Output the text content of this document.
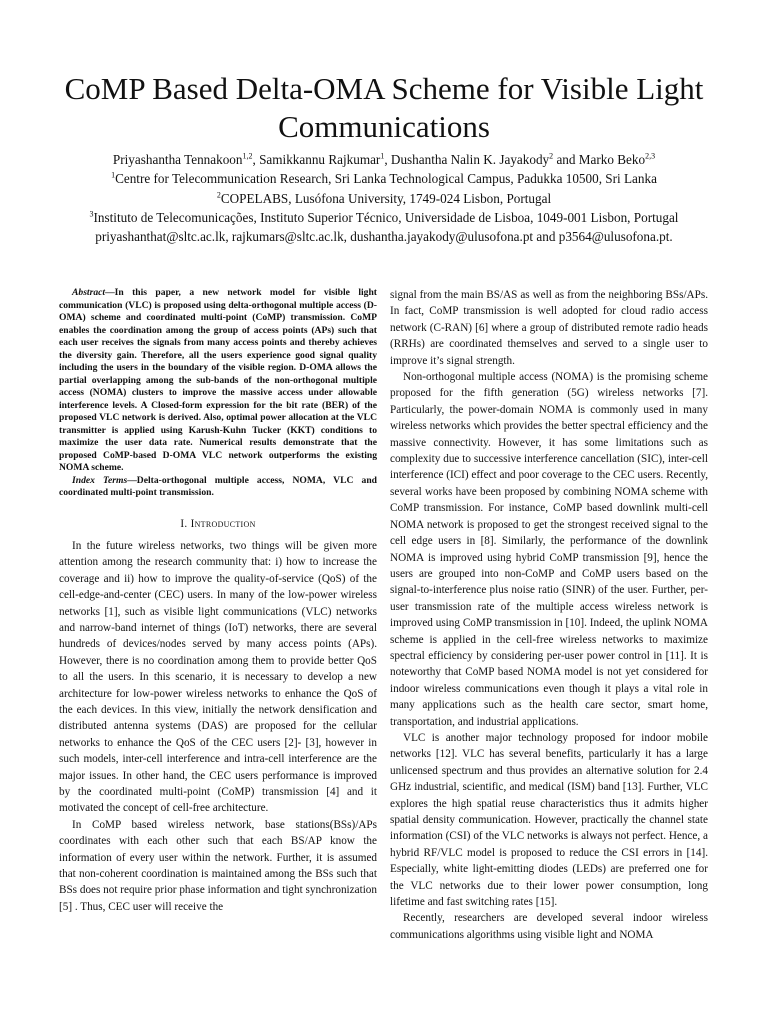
CoMP Based Delta-OMA Scheme for Visible Light
Communications
Priyashantha Tennakoon$^{1,2}$, Samikkannu Rajkumar$^1$, Dushantha Nalin K. Jayakody$^2$ and Marko Beko$^{2,3}$
$^1$Centre for Telecommunication Research, Sri Lanka Technological Campus, Padukka 10500, Sri Lanka
$^2$COPELABS, Lusófona University, 1749-024 Lisbon, Portugal
$^3$Instituto de Telecomunicações, Instituto Superior Técnico, Universidade de Lisboa, 1049-001 Lisbon, Portugal
priyashanthat@sltc.ac.lk, rajkumars@sltc.ac.lk, dushantha.jayakody@ulusofona.pt and p3564@ulusofona.pt.

Abstract—In this paper, a new network model for visible light communication (VLC) is proposed using delta-orthogonal multiple access (D-OMA) scheme and coordinated multi-point (CoMP) transmission. CoMP enables the coordination among the group of access points (APs) such that each user receives the signals from many access points and thereby achieves the diversity gain. Therefore, all the users experience good signal quality including the users in the boundary of the visible region. D-OMA allows the partial overlapping among the sub-bands of the non-orthogonal multiple access (NOMA) clusters to improve the massive access under allowable interference levels. A Closed-form expression for the bit rate (BER) of the proposed VLC network is derived. Also, optimal power allocation at the VLC transmitter is applied using Karush-Kuhn Tucker (KKT) conditions to maximize the user data rate. Numerical results demonstrate that the proposed CoMP-based D-OMA VLC network outperforms the existing NOMA scheme.

Index Terms—Delta-orthogonal multiple access, NOMA, VLC and coordinated multi-point transmission.

I. Introduction

In the future wireless networks, two things will be given more attention among the research community that: i) how to increase the coverage and ii) how to improve the quality-of-service (QoS) of the cell-edge-and-center (CEC) users. In many of the low-power wireless networks [1], such as visible light communications (VLC) networks and narrow-band internet of things (IoT) networks, there are several hundreds of devices/nodes served by many access points (APs). However, there is no coordination among them to provide better QoS to all the users. In this scenario, it is necessary to develop a new architecture for low-power wireless networks to enhance the QoS of the each devices. In this view, initially the network densification and distributed antenna systems (DAS) are proposed for the cellular networks to enhance the QoS of the CEC users [2]- [3], however in such models, inter-cell interference and intra-cell interference are the major issues. In other hand, the CEC users performance is improved by the coordinated multi-point (CoMP) transmission [4] and it motivated the concept of cell-free architecture.

In CoMP based wireless network, base stations(BSs)/APs coordinates with each other such that each BS/AP know the information of every user within the network. Further, it is assumed that non-coherent coordination is maintained among the BSs such that BSs does not require prior phase information and tight synchronization [5] . Thus, CEC user will receive the

signal from the main BS/AS as well as from the neighboring BSs/APs. In fact, CoMP transmission is well adopted for cloud radio access network (C-RAN) [6] where a group of distributed remote radio heads (RRHs) are coordinated themselves and served to a single user to improve it’s signal strength.

Non-orthogonal multiple access (NOMA) is the promising scheme proposed for the fifth generation (5G) wireless networks [7]. Particularly, the power-domain NOMA is commonly used in many wireless networks which provides the better spectral efficiency and the massive connectivity. However, it has some limitations such as complexity due to successive interference cancellation (SIC), inter-cell interference (ICI) effect and poor coverage to the CEC users. Recently, several works have been proposed by combining NOMA scheme with CoMP transmission. For instance, CoMP based downlink multi-cell NOMA network is proposed to get the strongest received signal to the cell edge users in [8]. Similarly, the performance of the downlink NOMA is improved using hybrid CoMP transmission [9], hence the users are grouped into non-CoMP and CoMP users based on the signal-to-interference plus noise ratio (SINR) of the user. Further, per-user transmission rate of the multiple access wireless network is improved using CoMP transmission in [10]. Indeed, the uplink NOMA scheme is applied in the cell-free wireless networks to maximize spectral efficiency by considering per-user power control in [11]. It is noteworthy that CoMP based NOMA model is not yet considered for indoor wireless communications even though it plays a vital role in many applications such as the health care sector, smart home, transportation, and industrial applications.

VLC is another major technology proposed for indoor mobile networks [12]. VLC has several benefits, particularly it has a large unlicensed spectrum and thus provides an alternative solution for 2.4 GHz industrial, scientific, and medical (ISM) band [13]. Further, VLC explores the high spatial reuse characteristics thus it admits higher spatial density communication. However, practically the channel state information (CSI) of the VLC networks is always not perfect. Hence, a hybrid RF/VLC model is proposed to reduce the CSI errors in [14]. Especially, white light-emitting diodes (LEDs) are preferred one for the VLC networks due to their lower power consumption, long lifetime and fast switching rates [15].

Recently, researchers are developed several indoor wireless communications algorithms using visible light and NOMA
